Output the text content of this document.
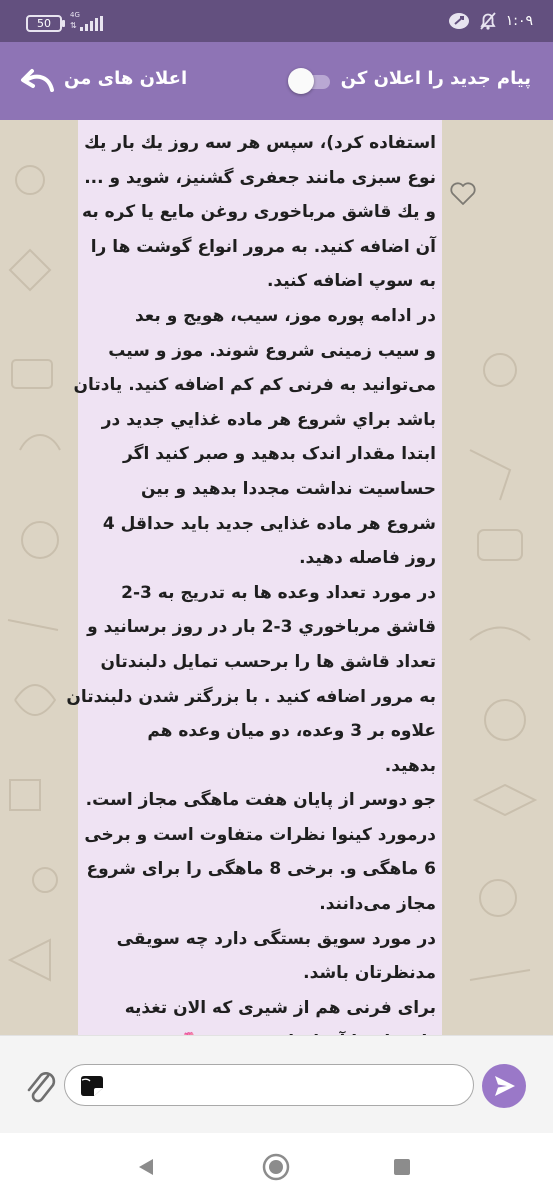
50
4G
⇅	۱:۰۹
اعلان های من	پیام جدید را اعلان کن

استفاده کرد)، سپس هر سه روز یك بار یك

نوع سبزی مانند جعفری گشنیز، شوید و ...

و یك قاشق مرباخوری روغن مایع یا کره به

آن اضافه کنید. به مرور انواع گوشت ها را

به سوپ اضافه کنید.

در ادامه پوره موز، سیب، هویج و بعد

و سیب زمینی شروع شوند. موز و سیب

می‌توانید به فرنی کم کم اضافه کنید. یادتان

باشد براي شروع هر ماده غذايي جديد در

ابتدا مقدار اندک بدهید و صبر کنید اگر

حساسیت نداشت مجددا بدهید و بین

شروع هر ماده غذایی جدید باید حداقل 4

روز فاصله دهید.

در مورد تعداد وعده ها به تدریج به 3-2

قاشق مرباخوري 3-2 بار در روز برسانيد و

تعداد قاشق ها را برحسب تمایل دلبندتان

به مرور اضافه کنید . با بزرگتر شدن دلبندتان

علاوه بر 3 وعده، دو میان وعده هم

بدهید.

جو دوسر از پایان هفت ماهگی مجاز است.

درمورد کینوا نظرات متفاوت است و برخی

6 ماهگی و. برخی 8 ماهگی را برای شروع

مجاز می‌دانند.

در مورد سویق بستگی دارد چه سویقی

مدنظرتان باشد.

برای فرنی هم از شیری که الان تغذیه
